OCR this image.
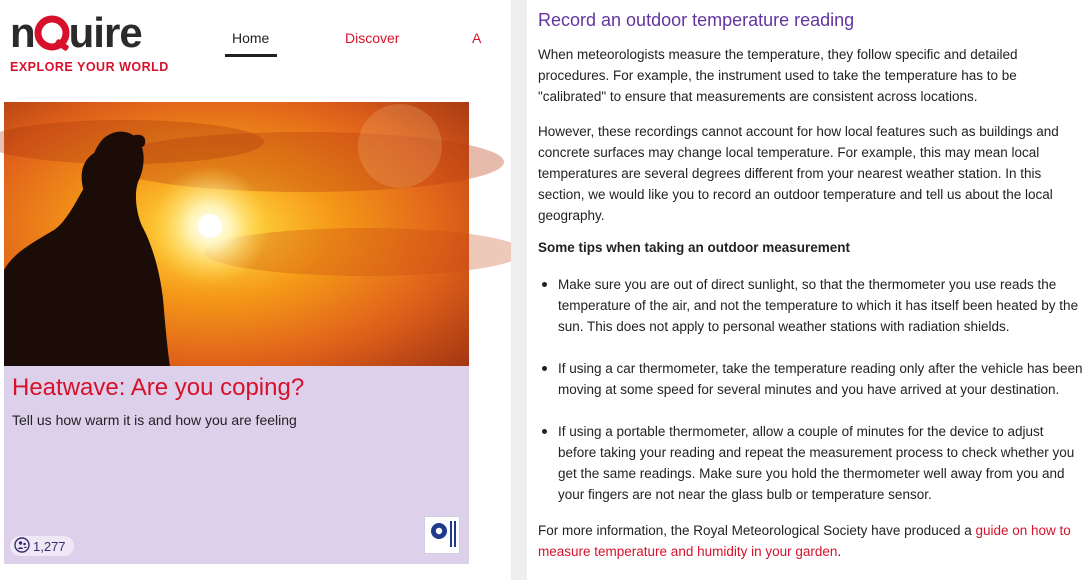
n uire
EXPLORE YOUR WORLD
Home	Discover	A
Heatwave: Are you coping?
Tell us how warm it is and how you are feeling
1,277
Record an outdoor temperature reading

When meteorologists measure the temperature, they follow specific and detailed procedures. For example, the instrument used to take the temperature has to be "calibrated" to ensure that measurements are consistent across locations.

However, these recordings cannot account for how local features such as buildings and concrete surfaces may change local temperature. For example, this may mean local temperatures are several degrees different from your nearest weather station. In this section, we would like you to record an outdoor temperature and tell us about the local geography.

Some tips when taking an outdoor measurement
Make sure you are out of direct sunlight, so that the thermometer you use reads the temperature of the air, and not the temperature to which it has itself been heated by the sun. This does not apply to personal weather stations with radiation shields.
If using a car thermometer, take the temperature reading only after the vehicle has been moving at some speed for several minutes and you have arrived at your destination.
If using a portable thermometer, allow a couple of minutes for the device to adjust before taking your reading and repeat the measurement process to check whether you get the same readings. Make sure you hold the thermometer well away from you and your fingers are not near the glass bulb or temperature sensor.

For more information, the Royal Meteorological Society have produced a guide on how to measure temperature and humidity in your garden.
